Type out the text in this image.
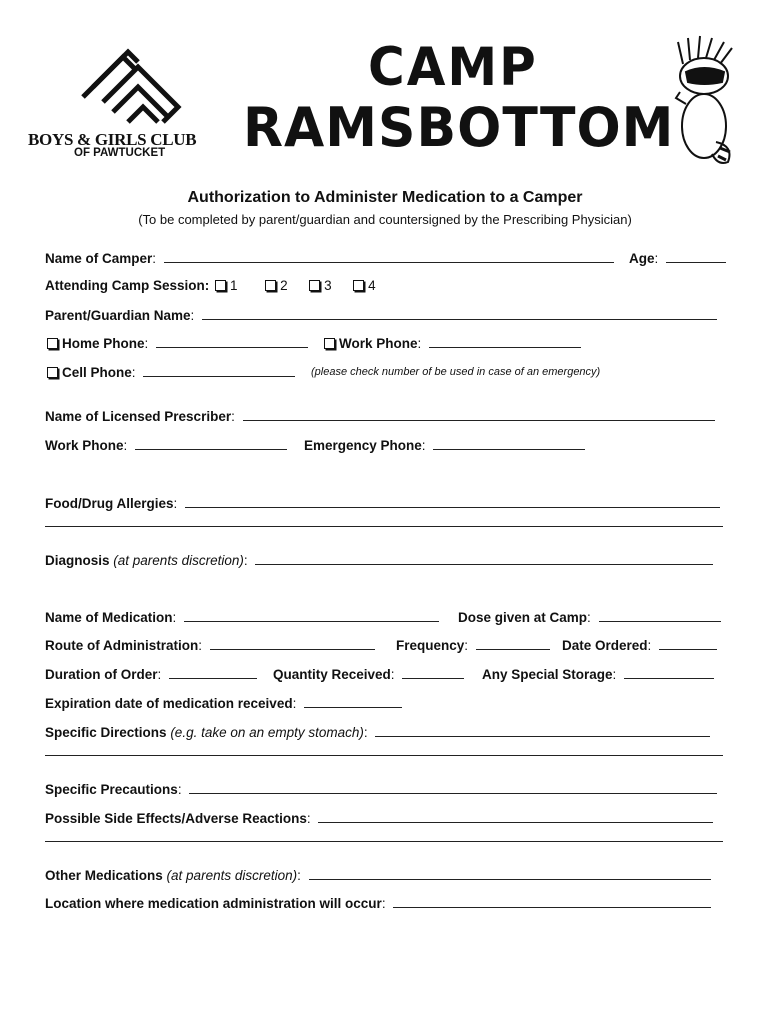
BOYS & GIRLS CLUB
OF PAWTUCKET
CAMP
RAMSBOTTOM
Authorization to Administer Medication to a Camper
(To be completed by parent/guardian and countersigned by the Prescribing Physician)
Name of Camper:	Age:
Attending Camp Session: 1	2	3	4
Parent/Guardian Name:
Home Phone:	Work Phone:
Cell Phone:	(please check number of be used in case of an emergency)
Name of Licensed Prescriber:
Work Phone:	Emergency Phone:
Food/Drug Allergies:
Diagnosis (at parents discretion):
Name of Medication:	Dose given at Camp:
Route of Administration:	Frequency:	Date Ordered:
Duration of Order:	Quantity Received:	Any Special Storage:
Expiration date of medication received:
Specific Directions (e.g. take on an empty stomach):
Specific Precautions:
Possible Side Effects/Adverse Reactions:
Other Medications (at parents discretion):
Location where medication administration will occur:
